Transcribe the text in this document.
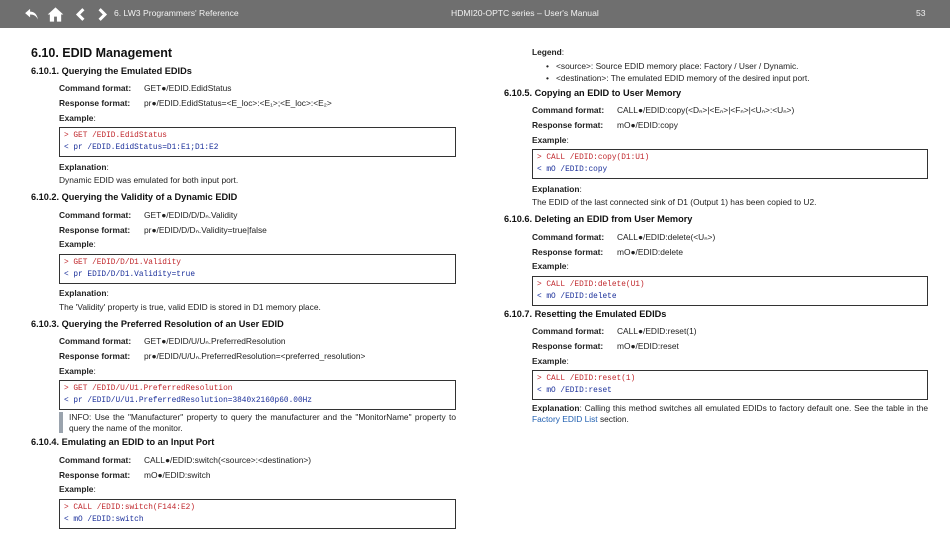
6. LW3 Programmers' Reference	HDMI20-OPTC series – User's Manual	53
6.10. EDID Management
6.10.1. Querying the Emulated EDIDs
Command format:	GET●/EDID.EdidStatus
Response format:	pr●/EDID.EdidStatus=<E_loc>:<E₁>;<E_loc>:<E₂>
Example :
> GET /EDID.EdidStatus
< pr /EDID.EdidStatus=D1:E1;D1:E2
Explanation :
Dynamic EDID was emulated for both input port.
6.10.2. Querying the Validity of a Dynamic EDID
Command format:	GET●/EDID/D/Dₙ.Validity
Response format:	pr●/EDID/D/Dₙ.Validity=true|false
Example :
> GET /EDID/D/D1.Validity
< pr EDID/D/D1.Validity=true
Explanation :
The 'Validity' property is true, valid EDID is stored in D1 memory place.
6.10.3. Querying the Preferred Resolution of an User EDID
Command format:	GET●/EDID/U/Uₙ.PreferredResolution
Response format:	pr●/EDID/U/Uₙ.PreferredResolution=<preferred_resolution>
Example :
> GET /EDID/U/U1.PreferredResolution
< pr /EDID/U/U1.PreferredResolution=3840x2160p60.00Hz
INFO: Use the "Manufacturer" property to query the manufacturer and the "MonitorName" property to query the name of the monitor.
6.10.4. Emulating an EDID to an Input Port
Command format:	CALL●/EDID:switch(<source>:<destination>)
Response format:	mO●/EDID:switch
Example :
> CALL /EDID:switch(F144:E2)
< mO /EDID:switch
Legend:
• <source>: Source EDID memory place: Factory / User / Dynamic.
• <destination>: The emulated EDID memory of the desired input port.
6.10.5. Copying an EDID to User Memory
Command format:	CALL●/EDID:copy(<Dₙ>|<Eₙ>|<Fₙ>|<Uₙ>:<Uₙ>)
Response format:	mO●/EDID:copy
Example :
> CALL /EDID:copy(D1:U1)
< mO /EDID:copy
Explanation :
The EDID of the last connected sink of D1 (Output 1) has been copied to U2.
6.10.6. Deleting an EDID from User Memory
Command format:	CALL●/EDID:delete(<Uₙ>)
Response format:	mO●/EDID:delete
Example :
> CALL /EDID:delete(U1)
< mO /EDID:delete
6.10.7. Resetting the Emulated EDIDs
Command format:	CALL●/EDID:reset(1)
Response format:	mO●/EDID:reset
Example :
> CALL /EDID:reset(1)
< mO /EDID:reset
Explanation: Calling this method switches all emulated EDIDs to factory default one. See the table in the Factory EDID List section.
